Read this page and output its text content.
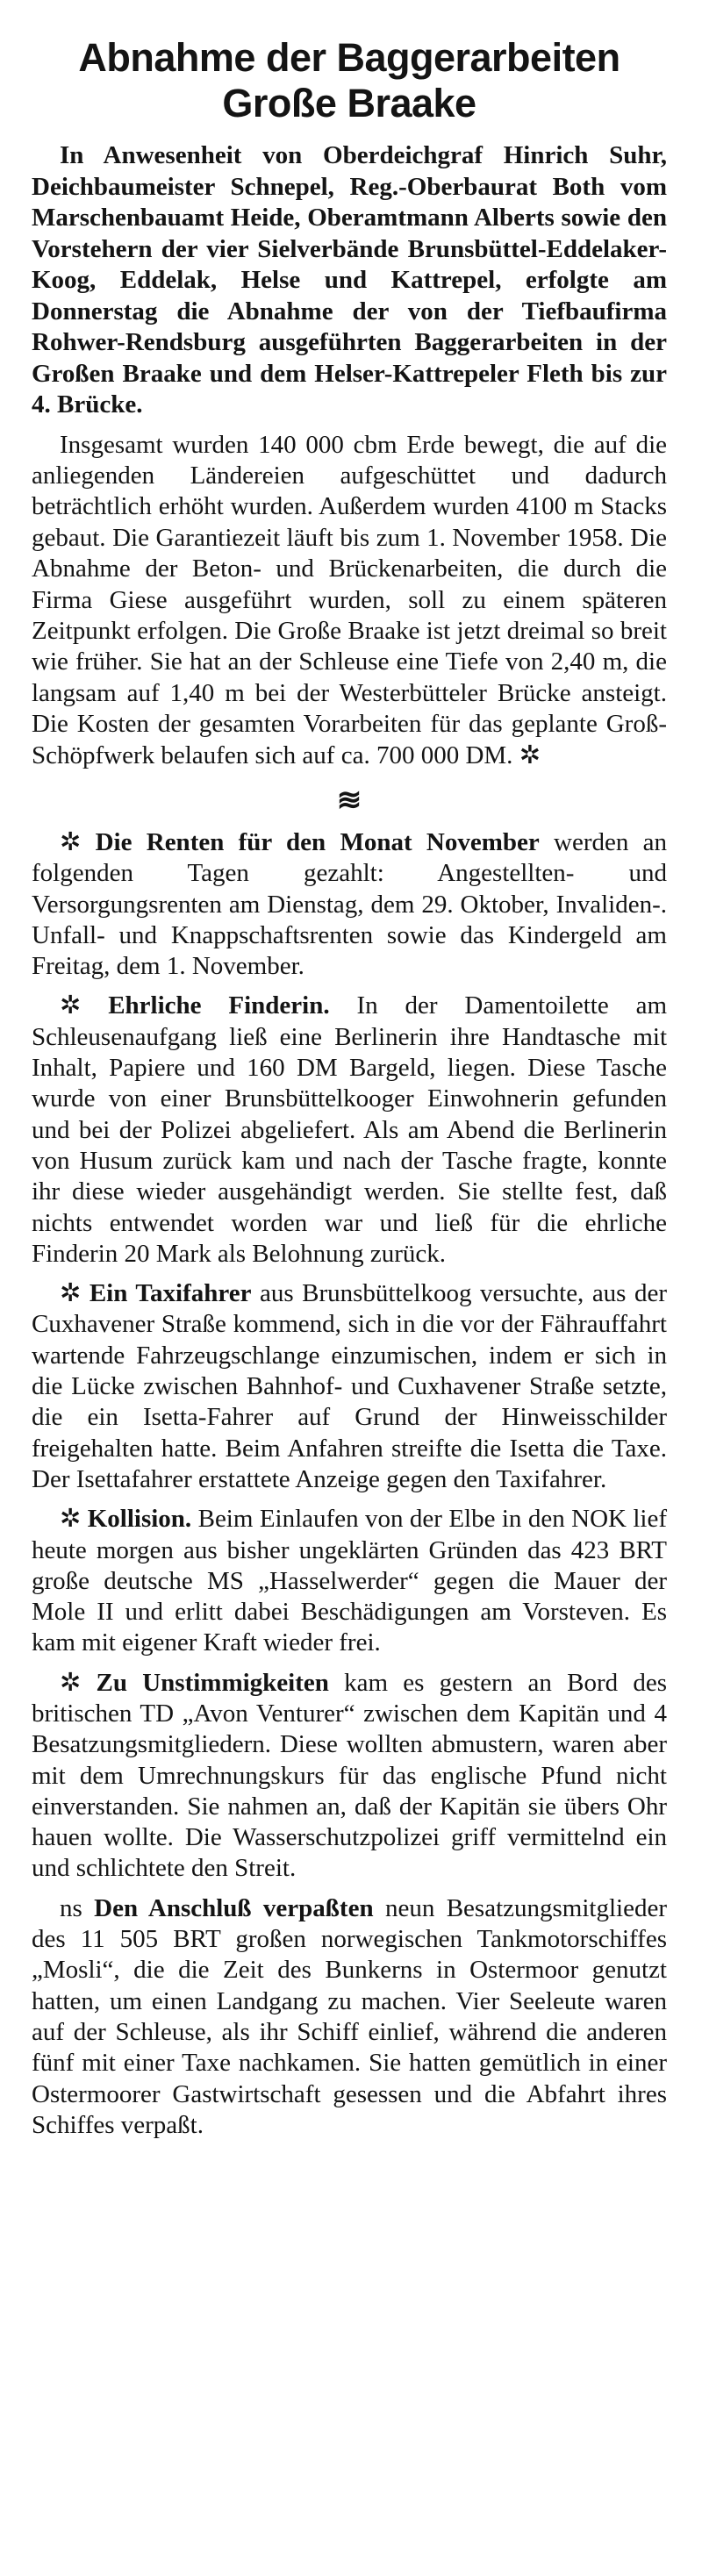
Abnahme der Baggerarbeiten
Große Braake

In Anwesenheit von Oberdeichgraf Hinrich Suhr, Deichbaumeister Schnepel, Reg.-Oberbaurat Both vom Marschenbauamt Heide, Oberamtmann Alberts sowie den Vorstehern der vier Sielverbände Brunsbüttel-Eddelaker-Koog, Eddelak, Helse und Kattrepel, erfolgte am Donnerstag die Abnahme der von der Tiefbaufirma Rohwer-Rendsburg ausgeführten Baggerarbeiten in der Großen Braake und dem Helser-Kattrepeler Fleth bis zur 4. Brücke.

Insgesamt wurden 140 000 cbm Erde bewegt, die auf die anliegenden Ländereien aufgeschüttet und dadurch beträchtlich erhöht wurden. Außerdem wurden 4100 m Stacks gebaut. Die Garantiezeit läuft bis zum 1. November 1958. Die Abnahme der Beton- und Brückenarbeiten, die durch die Firma Giese ausgeführt wurden, soll zu einem späteren Zeitpunkt erfolgen. Die Große Braake ist jetzt dreimal so breit wie früher. Sie hat an der Schleuse eine Tiefe von 2,40 m, die langsam auf 1,40 m bei der Westerbütteler Brücke ansteigt. Die Kosten der gesamten Vorarbeiten für das geplante Groß-Schöpfwerk belaufen sich auf ca. 700 000 DM. ✲

≋

✲ Die Renten für den Monat November werden an folgenden Tagen gezahlt: Angestellten- und Versorgungsrenten am Dienstag, dem 29. Oktober, Invaliden-. Unfall- und Knappschaftsrenten sowie das Kindergeld am Freitag, dem 1. November.

✲ Ehrliche Finderin. In der Damentoilette am Schleusenaufgang ließ eine Berlinerin ihre Handtasche mit Inhalt, Papiere und 160 DM Bargeld, liegen. Diese Tasche wurde von einer Brunsbüttelkooger Einwohnerin gefunden und bei der Polizei abgeliefert. Als am Abend die Berlinerin von Husum zurück kam und nach der Tasche fragte, konnte ihr diese wieder ausgehändigt werden. Sie stellte fest, daß nichts entwendet worden war und ließ für die ehrliche Finderin 20 Mark als Belohnung zurück.

✲ Ein Taxifahrer aus Brunsbüttelkoog versuchte, aus der Cuxhavener Straße kommend, sich in die vor der Fährauffahrt wartende Fahrzeugschlange einzumischen, indem er sich in die Lücke zwischen Bahnhof- und Cuxhavener Straße setzte, die ein Isetta-Fahrer auf Grund der Hinweisschilder freigehalten hatte. Beim Anfahren streifte die Isetta die Taxe. Der Isettafahrer erstattete Anzeige gegen den Taxifahrer.

✲ Kollision. Beim Einlaufen von der Elbe in den NOK lief heute morgen aus bisher ungeklärten Gründen das 423 BRT große deutsche MS „Hasselwerder“ gegen die Mauer der Mole II und erlitt dabei Beschädigungen am Vorsteven. Es kam mit eigener Kraft wieder frei.

✲ Zu Unstimmigkeiten kam es gestern an Bord des britischen TD „Avon Venturer“ zwischen dem Kapitän und 4 Besatzungsmitgliedern. Diese wollten abmustern, waren aber mit dem Umrechnungskurs für das englische Pfund nicht einverstanden. Sie nahmen an, daß der Kapitän sie übers Ohr hauen wollte. Die Wasserschutzpolizei griff vermittelnd ein und schlichtete den Streit.

ns Den Anschluß verpaßten neun Besatzungsmitglieder des 11 505 BRT großen norwegischen Tankmotorschiffes „Mosli“, die die Zeit des Bunkerns in Ostermoor genutzt hatten, um einen Landgang zu machen. Vier Seeleute waren auf der Schleuse, als ihr Schiff einlief, während die anderen fünf mit einer Taxe nachkamen. Sie hatten gemütlich in einer Ostermoorer Gastwirtschaft gesessen und die Abfahrt ihres Schiffes verpaßt.
